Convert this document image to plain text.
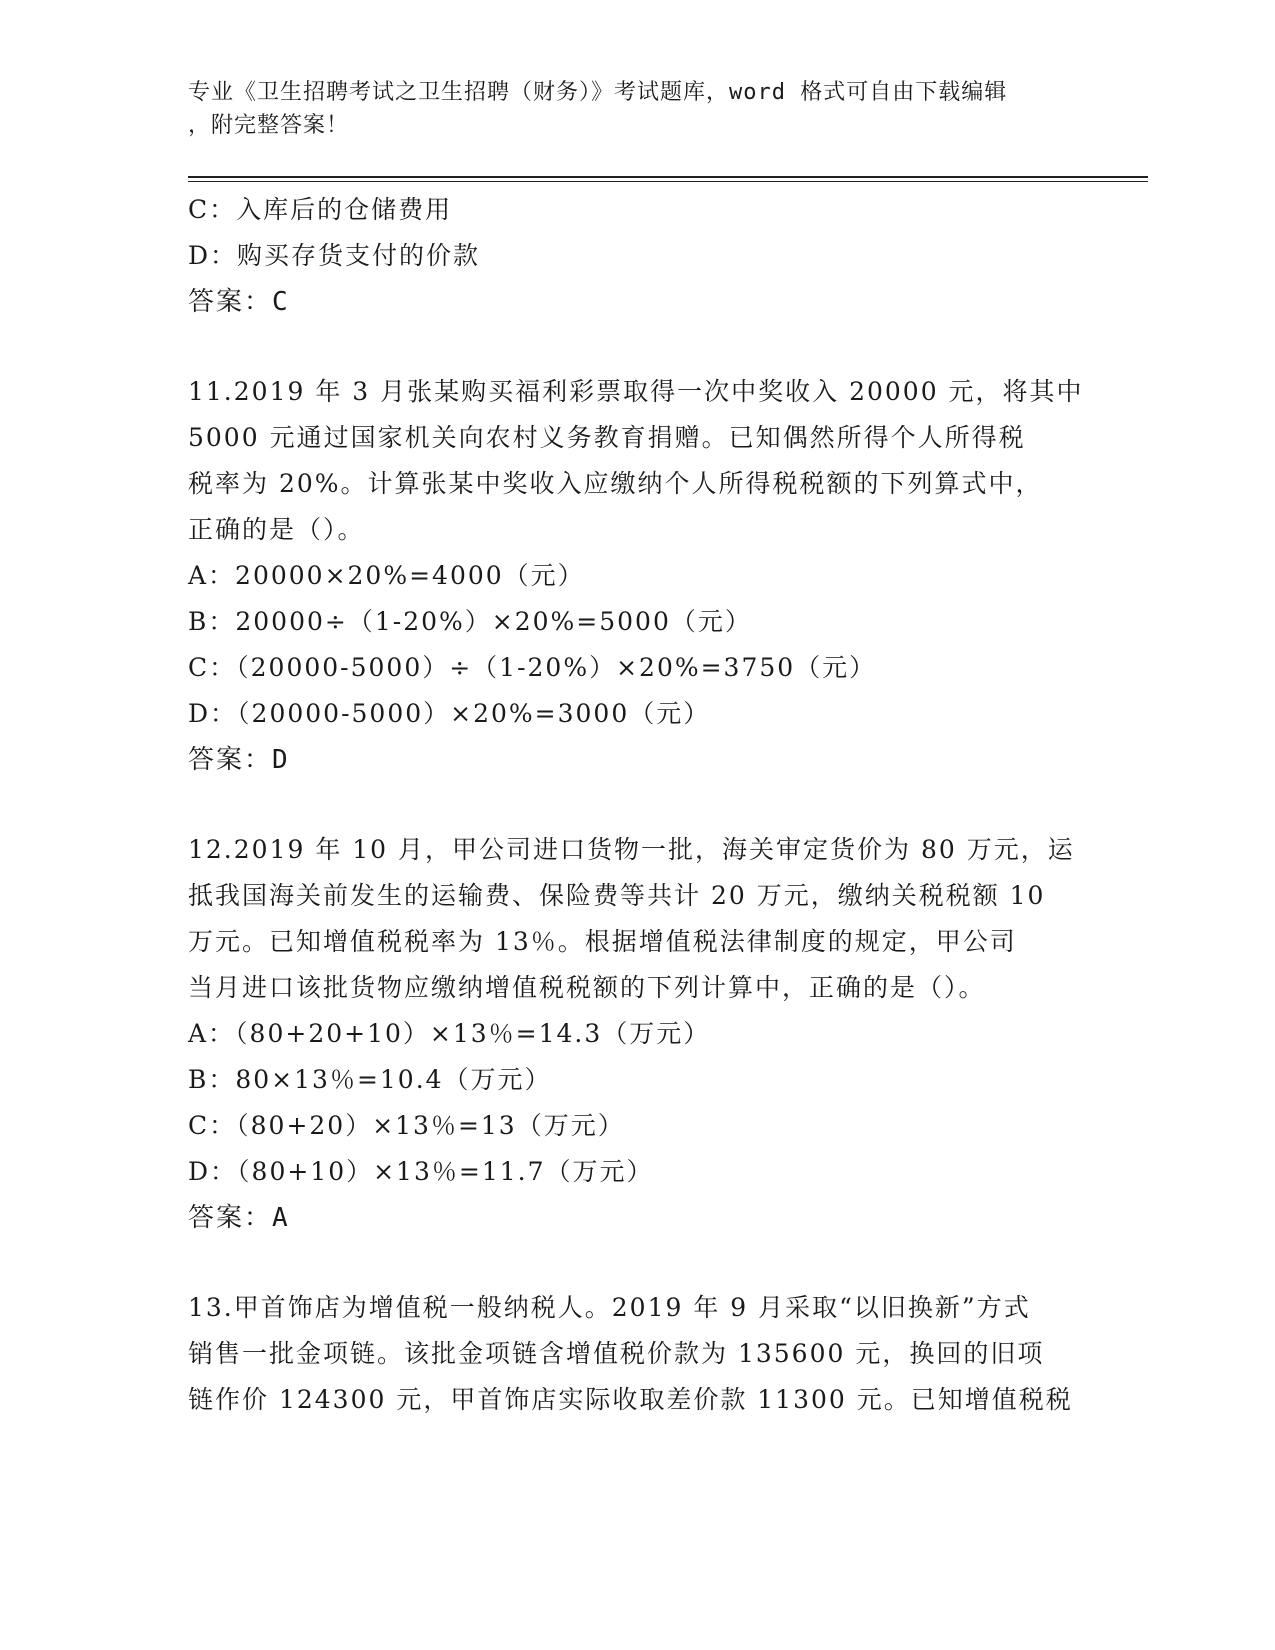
专业《卫生招聘考试之卫生招聘（财务）》考试题库，word 格式可自由下载编辑
，附完整答案！
C：入库后的仓储费用
D：购买存货支付的价款
答案：C
11.2019 年 3 月张某购买福利彩票取得一次中奖收入 20000 元，将其中
5000 元通过国家机关向农村义务教育捐赠。已知偶然所得个人所得税
税率为 20%。计算张某中奖收入应缴纳个人所得税税额的下列算式中，
正确的是（）。
A：20000×20%=4000（元）
B：20000÷（1-20%）×20%=5000（元）
C：（20000-5000）÷（1-20%）×20%=3750（元）
D：（20000-5000）×20%=3000（元）
答案：D
12.2019 年 10 月，甲公司进口货物一批，海关审定货价为 80 万元，运
抵我国海关前发生的运输费、保险费等共计 20 万元，缴纳关税税额 10
万元。已知增值税税率为 13％。根据增值税法律制度的规定，甲公司
当月进口该批货物应缴纳增值税税额的下列计算中，正确的是（）。
A：（80+20+10）×13％=14.3（万元）
B：80×13％=10.4（万元）
C：（80+20）×13％=13（万元）
D：（80+10）×13％=11.7（万元）
答案：A
13.甲首饰店为增值税一般纳税人。2019 年 9 月采取“以旧换新”方式
销售一批金项链。该批金项链含增值税价款为 135600 元，换回的旧项
链作价 124300 元，甲首饰店实际收取差价款 11300 元。已知增值税税
